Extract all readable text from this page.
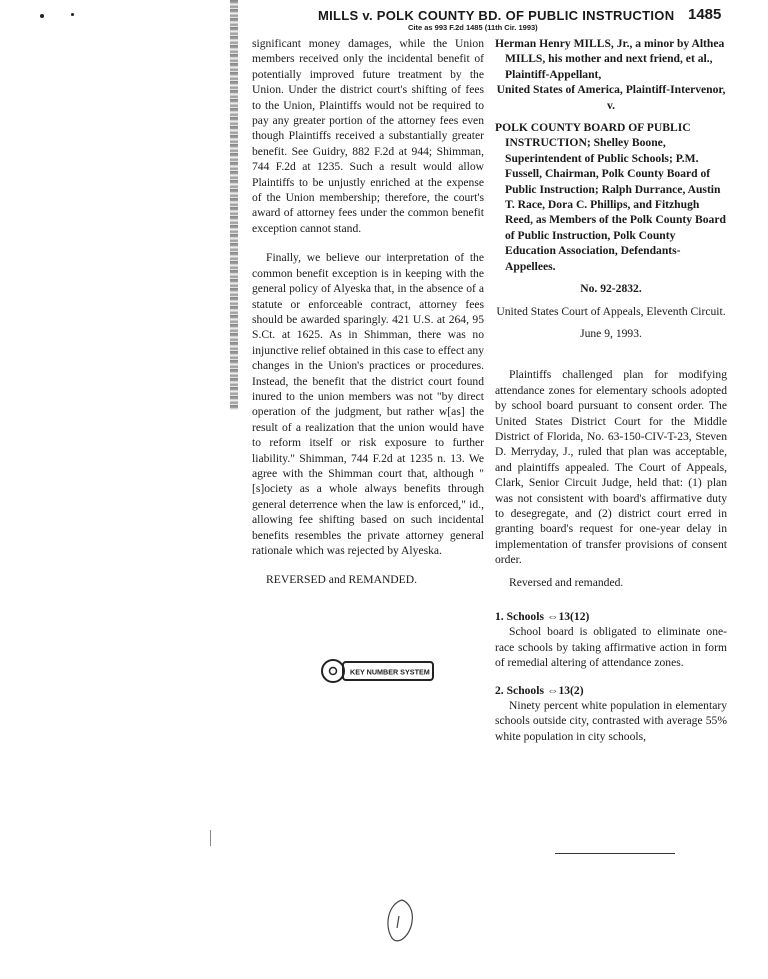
MILLS v. POLK COUNTY BD. OF PUBLIC INSTRUCTION 1485
Cite as 993 F.2d 1485 (11th Cir. 1993)

significant money damages, while the Union members received only the incidental benefit of potentially improved future treatment by the Union. Under the district court's shifting of fees to the Union, Plaintiffs would not be required to pay any greater portion of the attorney fees even though Plaintiffs received a substantially greater benefit. See Guidry, 882 F.2d at 944; Shimman, 744 F.2d at 1235. Such a result would allow Plaintiffs to be unjustly enriched at the expense of the Union membership; therefore, the court's award of attorney fees under the common benefit exception cannot stand.

Finally, we believe our interpretation of the common benefit exception is in keeping with the general policy of Alyeska that, in the absence of a statute or enforceable contract, attorney fees should be awarded sparingly. 421 U.S. at 264, 95 S.Ct. at 1625. As in Shimman, there was no injunctive relief obtained in this case to effect any changes in the Union's practices or procedures. Instead, the benefit that the district court found inured to the union members was not "by direct operation of the judgment, but rather w[as] the result of a realization that the union would have to reform itself or risk exposure to further liability." Shimman, 744 F.2d at 1235 n. 13. We agree with the Shimman court that, although "[s]ociety as a whole always benefits through general deterrence when the law is enforced," id., allowing fee shifting based on such incidental benefits resembles the private attorney general rationale which was rejected by Alyeska.

REVERSED and REMANDED.

KEY NUMBER SYSTEM

Herman Henry MILLS, Jr., a minor by Althea MILLS, his mother and next friend, et al., Plaintiff-Appellant,

United States of America, Plaintiff-Intervenor,

v.

POLK COUNTY BOARD OF PUBLIC INSTRUCTION; Shelley Boone, Superintendent of Public Schools; P.M. Fussell, Chairman, Polk County Board of Public Instruction; Ralph Durrance, Austin T. Race, Dora C. Phillips, and Fitzhugh Reed, as Members of the Polk County Board of Public Instruction, Polk County Education Association, Defendants-Appellees.

No. 92-2832.

United States Court of Appeals, Eleventh Circuit.

June 9, 1993.

Plaintiffs challenged plan for modifying attendance zones for elementary schools adopted by school board pursuant to consent order. The United States District Court for the Middle District of Florida, No. 63-150-CIV-T-23, Steven D. Merryday, J., ruled that plan was acceptable, and plaintiffs appealed. The Court of Appeals, Clark, Senior Circuit Judge, held that: (1) plan was not consistent with board's affirmative duty to desegregate, and (2) district court erred in granting board's request for one-year delay in implementation of transfer provisions of consent order.

Reversed and remanded.

1. Schools ⇔13(12)

School board is obligated to eliminate one-race schools by taking affirmative action in form of remedial altering of attendance zones.

2. Schools ⇔13(2)

Ninety percent white population in elementary schools outside city, contrasted with average 55% white population in city schools,
